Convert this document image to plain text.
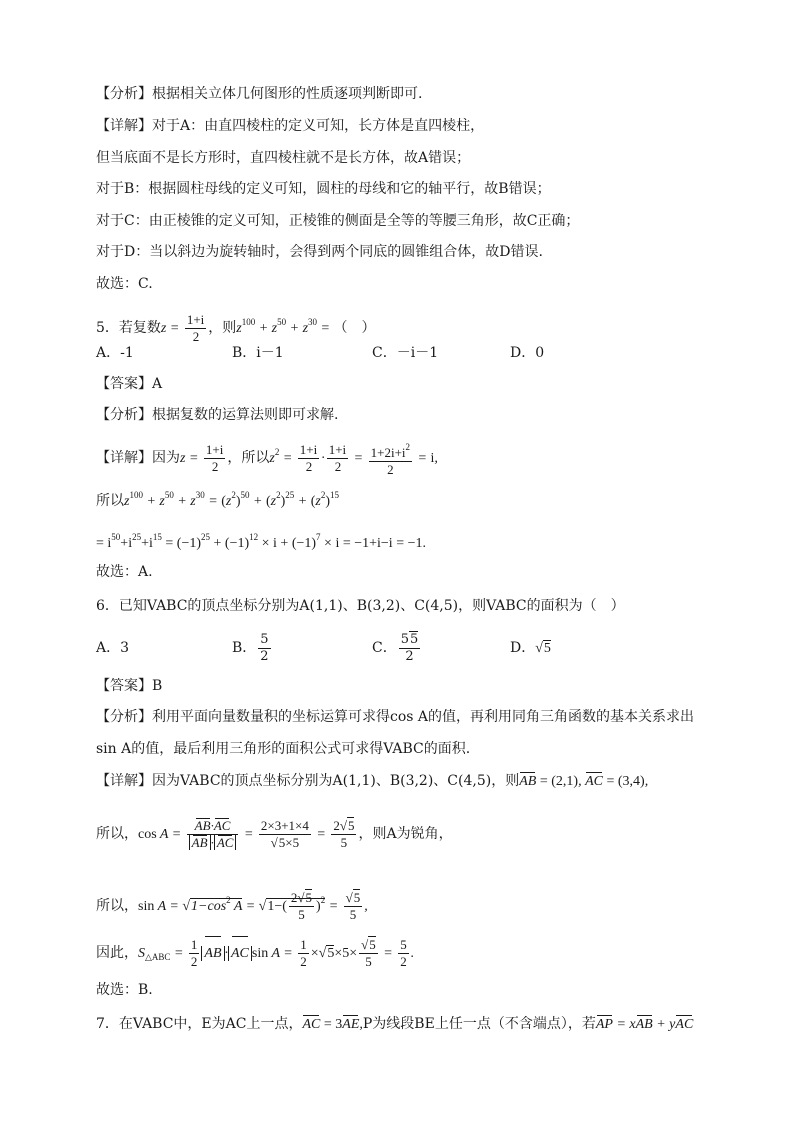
【分析】根据相关立体几何图形的性质逐项判断即可.
【详解】对于A：由直四棱柱的定义可知，长方体是直四棱柱，
但当底面不是长方形时，直四棱柱就不是长方体，故A错误；
对于B：根据圆柱母线的定义可知，圆柱的母线和它的轴平行，故B错误；
对于C：由正棱锥的定义可知，正棱锥的侧面是全等的等腰三角形，故C正确；
对于D：当以斜边为旋转轴时，会得到两个同底的圆锥组合体，故D错误.
故选：C.
5．若复数$z = \frac{1+i}{2}$ ，则$z^{100} + z^{50} + z^{30}$ = （　）
A．-1	B．i－1	C．－i－1	D．0
【答案】A
【分析】根据复数的运算法则即可求解.
【详解】因为$z = \frac{1+i}{2}$ ，所以$z^2 = \frac{1+i}{2} \cdot \frac{1+i}{2} = \frac{1+2i+i^2}{2} = i$,
所以$z^{100} + z^{50} + z^{30} = (z^2)^{50} + (z^2)^{25} + (z^2)^{15}$
= $i^{50}+i^{25}+i^{15} = (-1)^{25} + (-1)^{12} \times i + (-1)^7 \times i = -1+i-i = -1$.
故选：A.
6．已知VABC的顶点坐标分别为A(1,1)、B(3,2)、C(4,5)，则VABC的面积为（　）
A．3	B． $\frac{5}{2}$	C． $\frac{55}{2}$	D．√5
【答案】B
【分析】利用平面向量数量积的坐标运算可求得cos A的值，再利用同角三角函数的基本关系求出
sin A的值，最后利用三角形的面积公式可求得VABC的面积.
【详解】因为VABC的顶点坐标分别为A(1,1)、B(3,2)、C(4,5)，则AB = (2,1), AC = (3,4),
所以，$\cos A = \frac{AB\cdot AC}{AB \cdot AC} = \frac{2\times 3+1\times 4}{√5\times 5} = \frac{2√5}{5}$ ，则A为锐角，
所以，$\sin A = √1-\cos^2$ $A = √1-( \frac{2√5}{5} )^2 = \frac{√5}{5}$ ,
因此，$S_{\triangle ABC} = \frac{1}{2}$ AB · AC $\sin A = \frac{1}{2} \times√5\times 5\times \frac{√5}{5} = \frac{5}{2}$ .
故选：B.
7．在VABC中，E为AC上一点，AC = 3AE,P为线段BE上任一点（不含端点），若AP = xAB + yAC
